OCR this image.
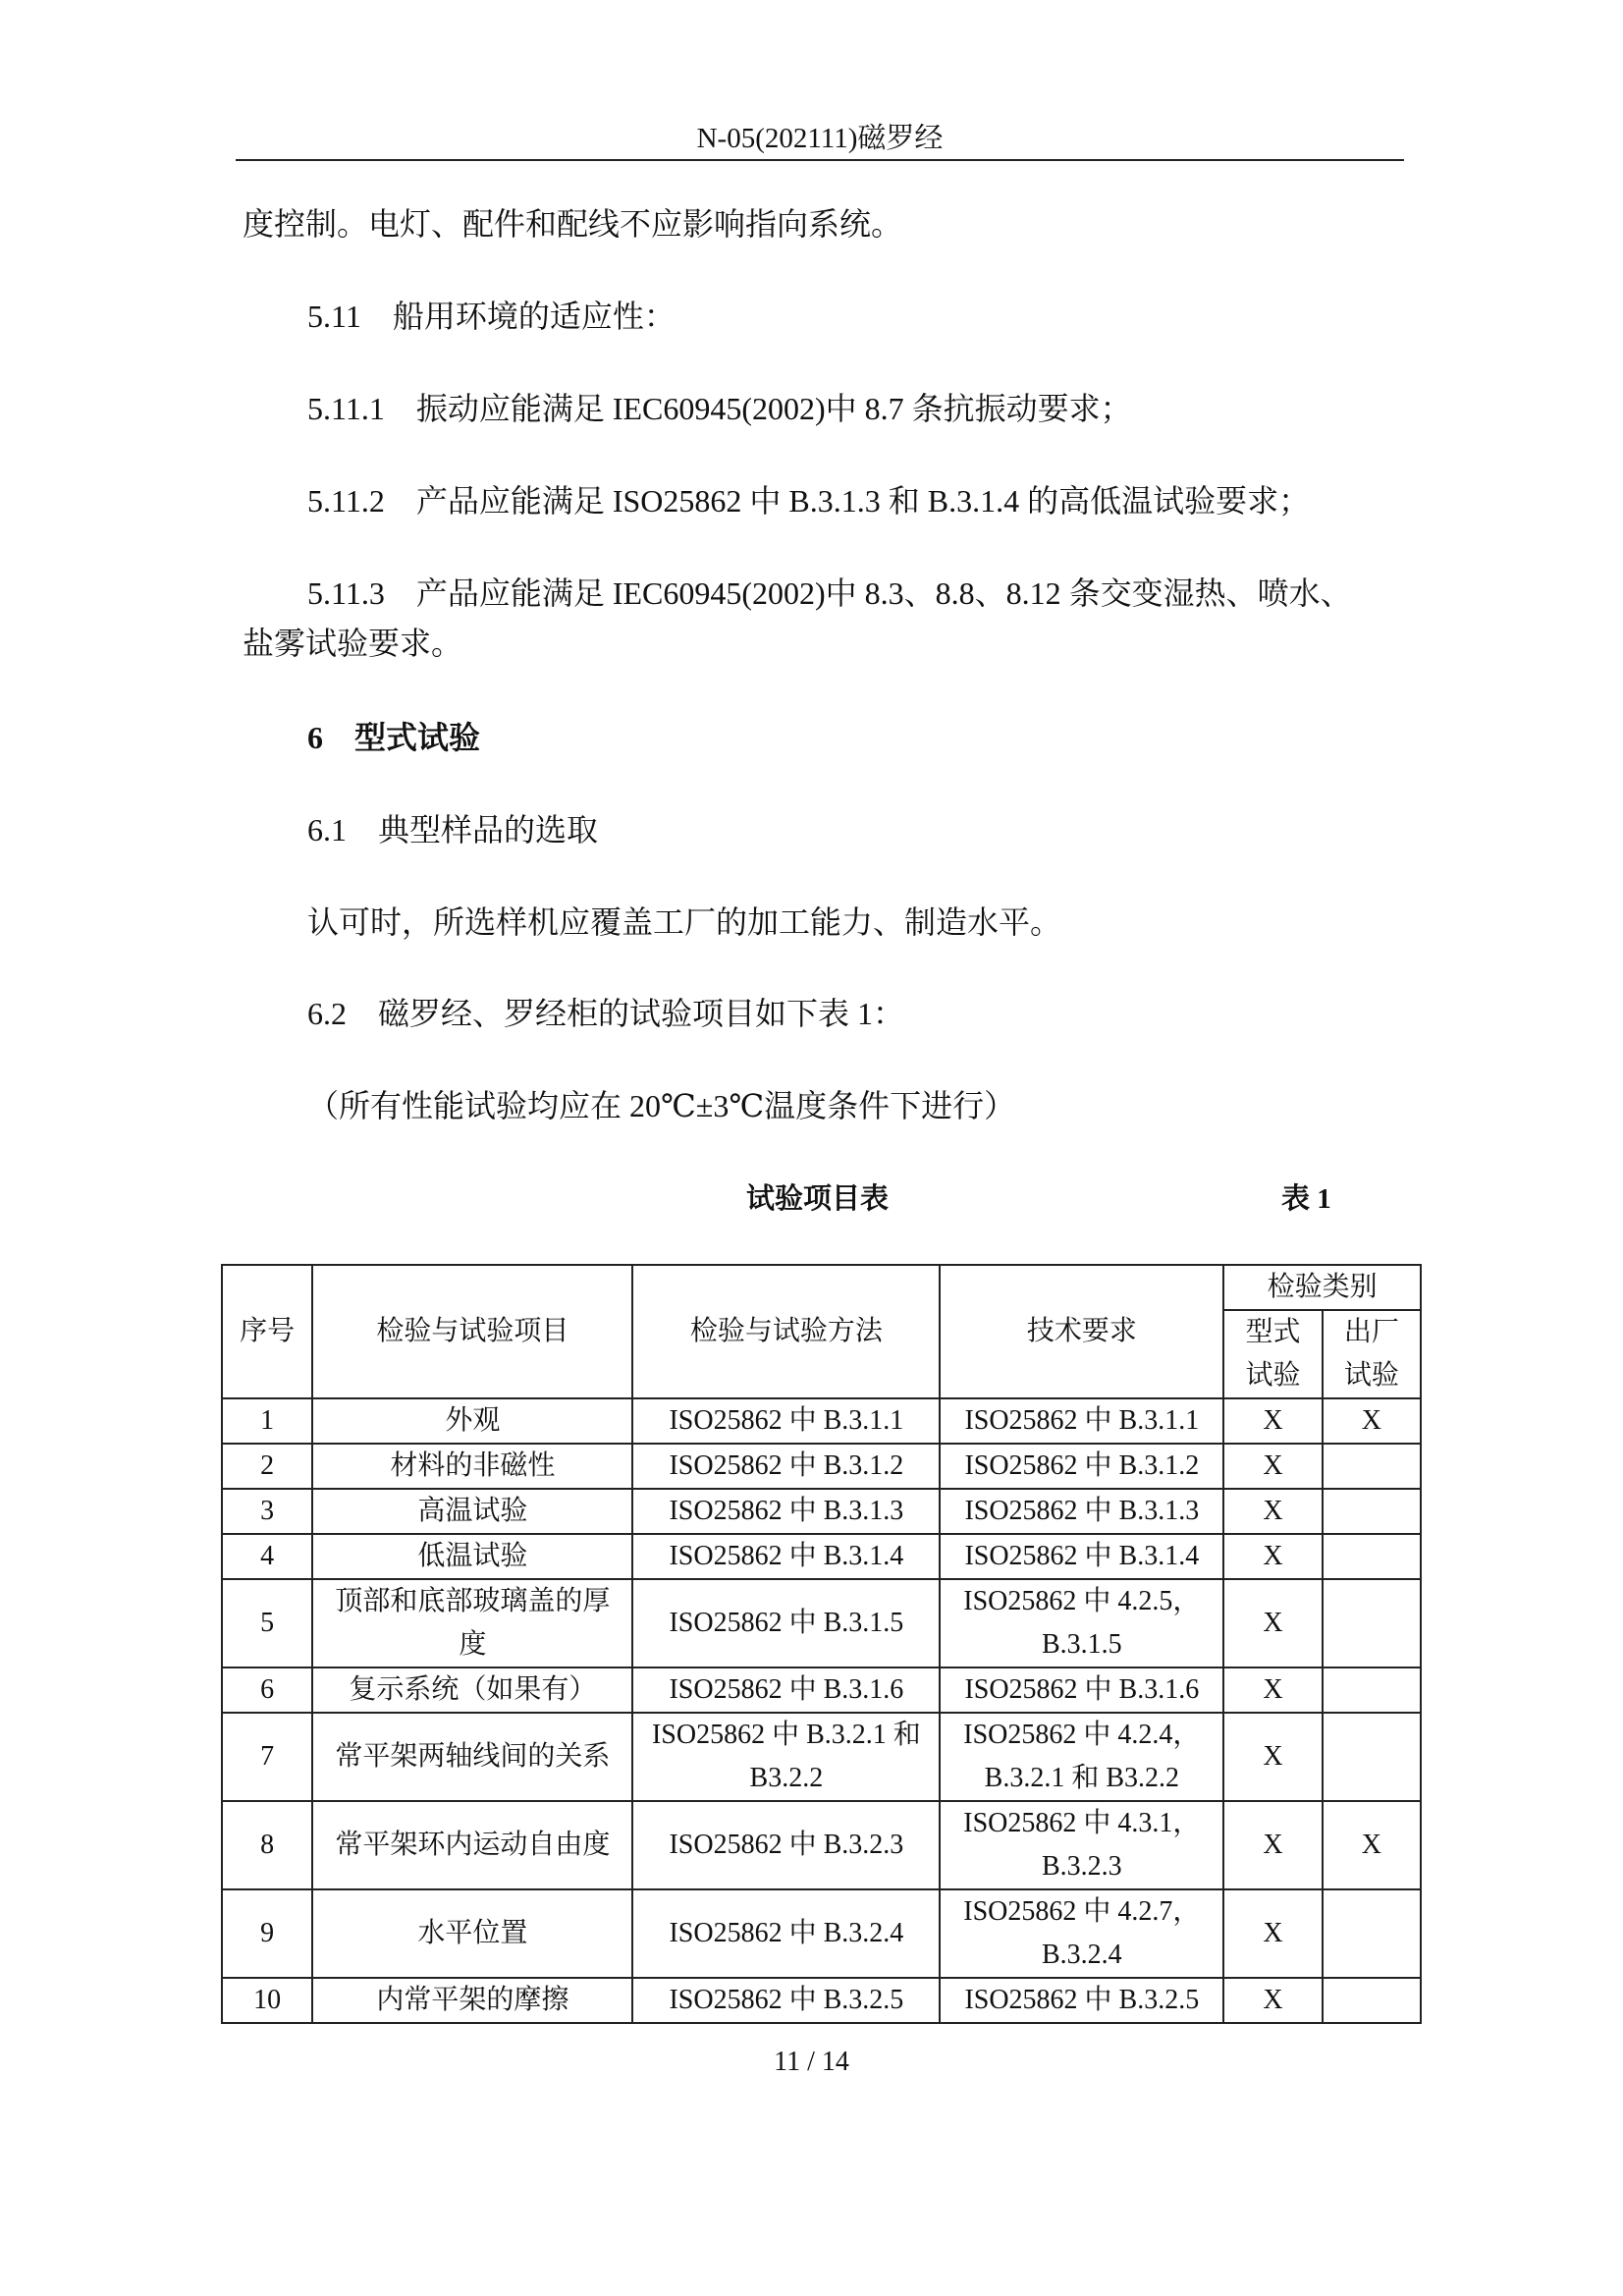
N-05(202111)磁罗经
度控制。电灯、配件和配线不应影响指向系统。
5.11　船用环境的适应性：
5.11.1　振动应能满足 IEC60945(2002)中 8.7 条抗振动要求；
5.11.2　产品应能满足 ISO25862 中 B.3.1.3 和 B.3.1.4 的高低温试验要求；
5.11.3　产品应能满足 IEC60945(2002)中 8.3、8.8、8.12 条交变湿热、喷水、
盐雾试验要求。
6　型式试验
6.1　典型样品的选取
认可时，所选样机应覆盖工厂的加工能力、制造水平。
6.2　磁罗经、罗经柜的试验项目如下表 1：
（所有性能试验均应在 20℃±3℃温度条件下进行）
试验项目表	表 1
序号	检验与试验项目	检验与试验方法	技术要求	检验类别	
				型式
试验	出厂
试验
1	外观	ISO25862 中 B.3.1.1	ISO25862 中 B.3.1.1	X	X
2	材料的非磁性	ISO25862 中 B.3.1.2	ISO25862 中 B.3.1.2	X	
3	高温试验	ISO25862 中 B.3.1.3	ISO25862 中 B.3.1.3	X	
4	低温试验	ISO25862 中 B.3.1.4	ISO25862 中 B.3.1.4	X	
5	顶部和底部玻璃盖的厚
度	ISO25862 中 B.3.1.5	ISO25862 中 4.2.5，
B.3.1.5	X	
6	复示系统（如果有）	ISO25862 中 B.3.1.6	ISO25862 中 B.3.1.6	X	
7	常平架两轴线间的关系	ISO25862 中 B.3.2.1 和
B3.2.2	ISO25862 中 4.2.4，
B.3.2.1 和 B3.2.2	X	
8	常平架环内运动自由度	ISO25862 中 B.3.2.3	ISO25862 中 4.3.1，
B.3.2.3	X	X
9	水平位置	ISO25862 中 B.3.2.4	ISO25862 中 4.2.7，
B.3.2.4	X	
10	内常平架的摩擦	ISO25862 中 B.3.2.5	ISO25862 中 B.3.2.5	X	
11 / 14
